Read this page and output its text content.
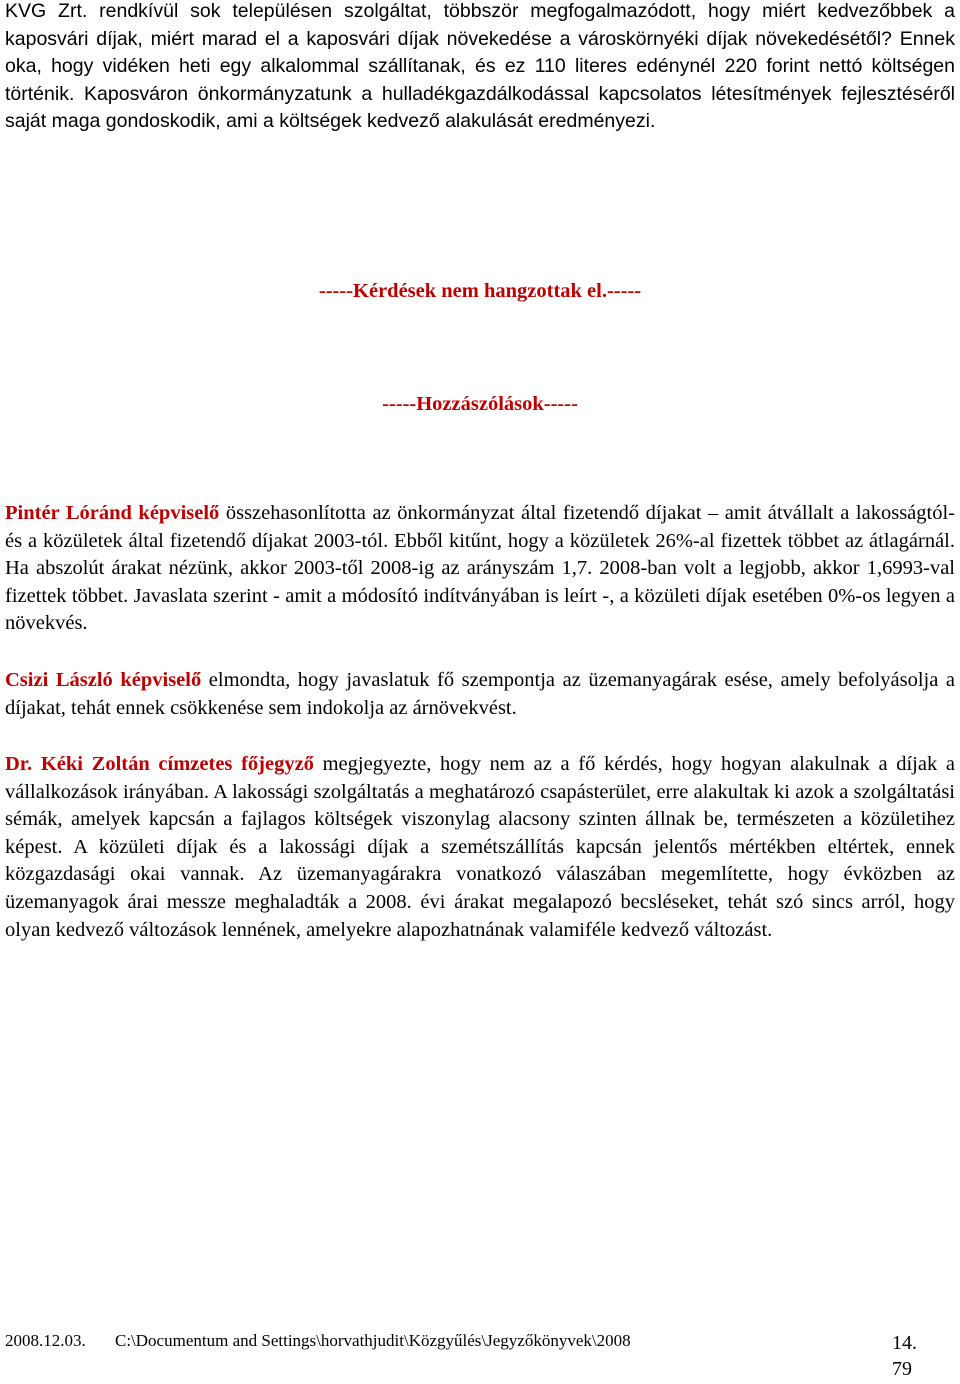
KVG Zrt. rendkívül sok településen szolgáltat, többször megfogalmazódott, hogy miért kedvezőbbek a kaposvári díjak, miért marad el a kaposvári díjak növekedése a városkörnyéki díjak növekedésétől? Ennek oka, hogy vidéken heti egy alkalommal szállítanak, és ez 110 literes edénynél 220 forint nettó költségen történik. Kaposváron önkormányzatunk a hulladékgazdálkodással kapcsolatos létesítmények fejlesztéséről saját maga gondoskodik, ami a költségek kedvező alakulását eredményezi.

-----Kérdések nem hangzottak el.-----
-----Hozzászólások-----

Pintér Lóránd képviselő összehasonlította az önkormányzat által fizetendő díjakat – amit átvállalt a lakosságtól- és a közületek által fizetendő díjakat 2003-tól. Ebből kitűnt, hogy a közületek 26%-al fizettek többet az átlagárnál. Ha abszolút árakat nézünk, akkor 2003-től 2008-ig az arányszám 1,7. 2008-ban volt a legjobb, akkor 1,6993-val fizettek többet. Javaslata szerint - amit a módosító indítványában is leírt -, a közületi díjak esetében 0%-os legyen a növekvés.

Csizi László képviselő elmondta, hogy javaslatuk fő szempontja az üzemanyagárak esése, amely befolyásolja a díjakat, tehát ennek csökkenése sem indokolja az árnövekvést.

Dr. Kéki Zoltán címzetes főjegyző megjegyezte, hogy nem az a fő kérdés, hogy hogyan alakulnak a díjak a vállalkozások irányában. A lakossági szolgáltatás a meghatározó csapásterület, erre alakultak ki azok a szolgáltatási sémák, amelyek kapcsán a fajlagos költségek viszonylag alacsony szinten állnak be, természeten a közületihez képest. A közületi díjak és a lakossági díjak a szemétszállítás kapcsán jelentős mértékben eltértek, ennek közgazdasági okai vannak. Az üzemanyagárakra vonatkozó válaszában megemlítette, hogy évközben az üzemanyagok árai messze meghaladták a 2008. évi árakat megalapozó becsléseket, tehát szó sincs arról, hogy olyan kedvező változások lennének, amelyekre alapozhatnának valamiféle kedvező változást.

2008.12.03. C:\Documentum and Settings\horvathjudit\Közgyűlés\Jegyzőkönyvek\2008	14.
79
